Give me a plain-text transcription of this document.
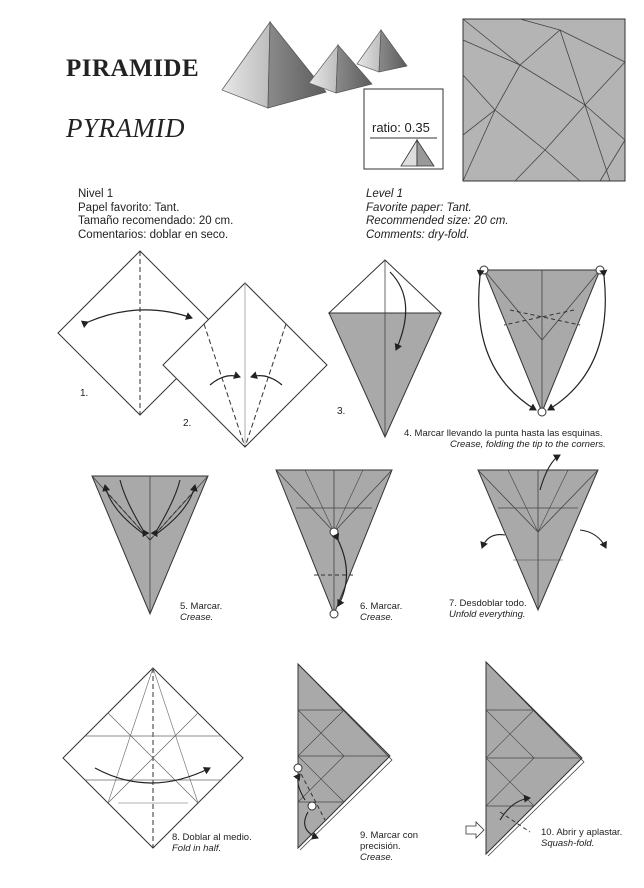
PIRAMIDE
PYRAMID	ratio: 0.35
Nivel 1
Papel favorito: Tant.
Tamaño recomendado: 20 cm.
Comentarios: doblar en seco.
Level 1
Favorite paper: Tant.
Recommended size: 20 cm.
Comments: dry-fold.
1.
2.
3.
4. Marcar llevando la punta hasta las esquinas.
Crease, folding the tip to the corners.
5. Marcar.
Crease.
6. Marcar.
Crease.
7. Desdoblar todo.
Unfold everything.
8. Doblar al medio.
Fold in half.
9. Marcar con
precisión.
Crease.
10. Abrir y aplastar.
Squash-fold.
